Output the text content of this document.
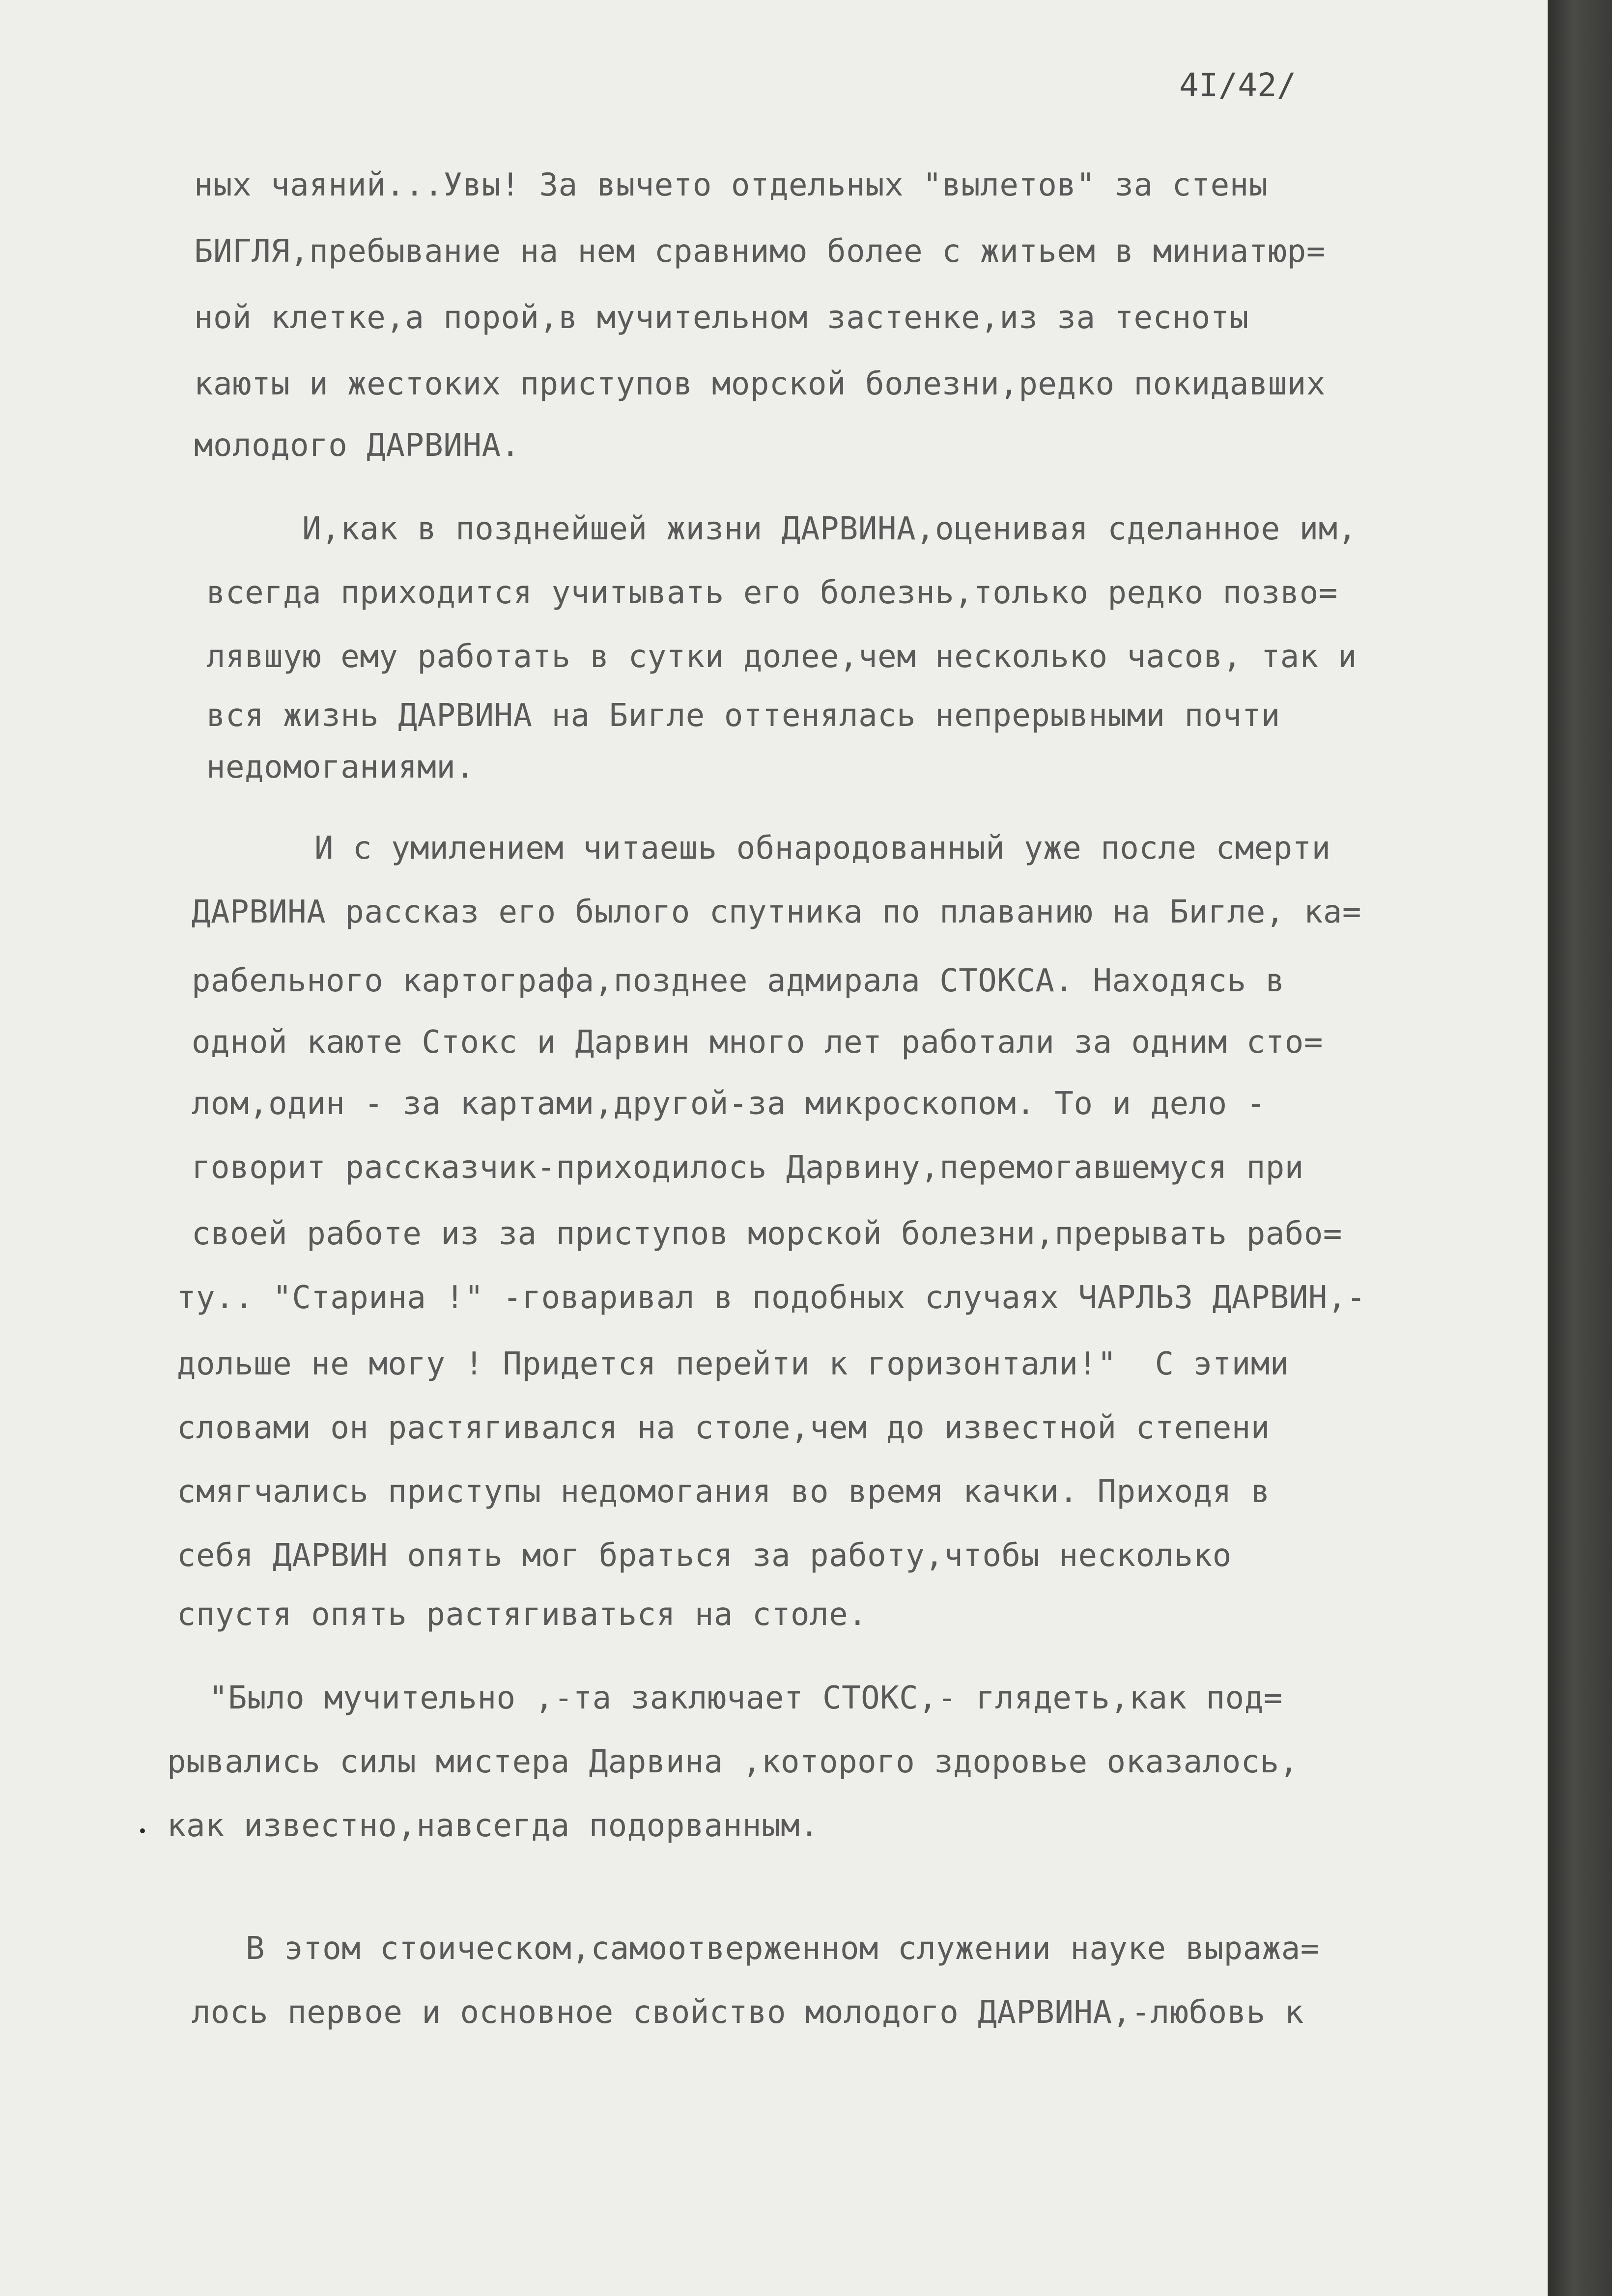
4I/42/
ных чаяний...Увы! За вычето отдельных "вылетов" за стены
БИГЛЯ,пребывание на нем сравнимо более с житьем в миниатюр=
ной клетке,а порой,в мучительном застенке,из за тесноты
каюты и жестоких приступов морской болезни,редко покидавших
молодого ДАРВИНА.
И,как в позднейшей жизни ДАРВИНА,оценивая сделанное им,
всегда приходится учитывать его болезнь,только редко позво=
лявшую ему работать в сутки долее,чем несколько часов, так и
вся жизнь ДАРВИНА на Бигле оттенялась непрерывными почти
недомоганиями.
И с умилением читаешь обнародованный уже после смерти
ДАРВИНА рассказ его былого спутника по плаванию на Бигле, ка=
рабельного картографа,позднее адмирала СТОКСА. Находясь в
одной каюте Стокс и Дарвин много лет работали за одним сто=
лом,один - за картами,другой-за микроскопом. То и дело -
говорит рассказчик-приходилось Дарвину,перемогавшемуся при
своей работе из за приступов морской болезни,прерывать рабо=
ту.. "Старина !" -говаривал в подобных случаях ЧАРЛЬЗ ДАРВИН,-
дольше не могу ! Придется перейти к горизонтали!"  С этими
словами он растягивался на столе,чем до известной степени
смягчались приступы недомогания во время качки. Приходя в
себя ДАРВИН опять мог браться за работу,чтобы несколько
спустя опять растягиваться на столе.
"Было мучительно ,-та заключает СТОКС,- глядеть,как под=
рывались силы мистера Дарвина ,которого здоровье оказалось,
как известно,навсегда подорванным.
В этом стоическом,самоотверженном служении науке выража=
лось первое и основное свойство молодого ДАРВИНА,-любовь к
